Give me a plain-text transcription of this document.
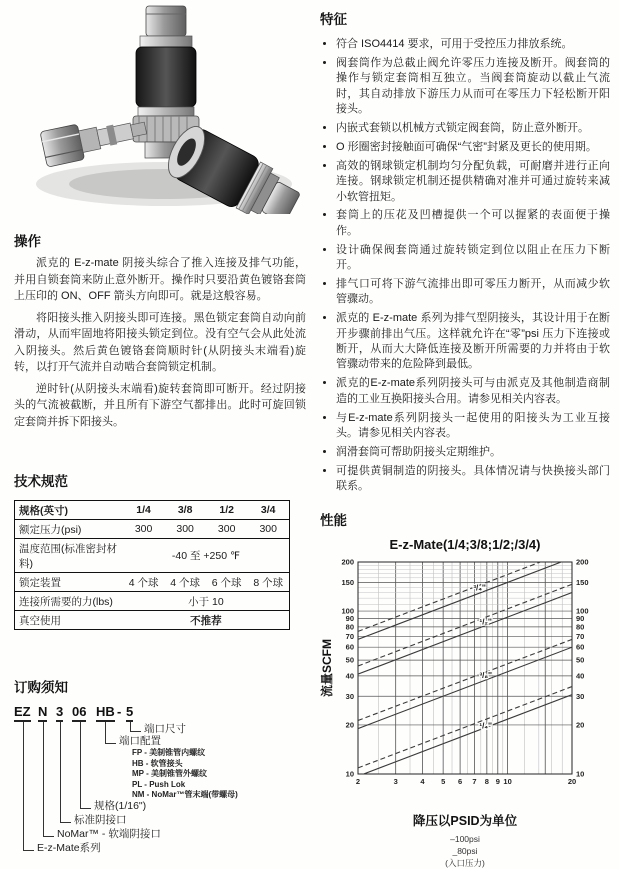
操作

派克的 E-z-mate 阴接头综合了推入连接及排气功能，并用自锁套筒来防止意外断开。操作时只要沿黄色镀铬套筒上压印的 ON、OFF 箭头方向即可。就是这般容易。

将阳接头推入阴接头即可连接。黑色锁定套筒自动向前滑动，从而牢固地将阳接头锁定到位。没有空气会从此处流入阴接头。然后黄色镀铬套筒顺时针(从阴接头末端看)旋转，以打开气流并自动啮合套筒锁定机制。

逆时针(从阴接头末端看)旋转套筒即可断开。经过阴接头的气流被截断，并且所有下游空气都排出。此时可旋回锁定套筒并拆下阳接头。

技术规范
规格(英寸)	1/4	3/8	1/2	3/4
额定压力(psi)	300	300	300	300
温度范围(标准密封材料)	-40 至 +250 ℉			
锁定装置	4 个球	4 个球	6 个球	8 个球
连接所需要的力(lbs)	小于 10			
真空使用	不推荐			
订购须知
EZ N 3 06 HB - 5
端口尺寸
端口配置
FP - 美制锥管内螺纹
HB - 软管接头
MP - 美制锥管外螺纹
PL - Push Lok
NM - NoMar™管末端(带螺母)
规格(1/16")
标准阴接口
NoMar™ - 软端阴接口
E-z-Mate系列
特征
• 符合 ISO4414 要求，可用于受控压力排放系统。
• 阀套筒作为总截止阀允许零压力连接及断开。阀套筒的操作与锁定套筒相互独立。当阀套筒旋动以截止气流时，其自动排放下游压力从而可在零压力下轻松断开阳接头。
• 内嵌式套锁以机械方式锁定阀套筒，防止意外断开。
• O 形圈密封接触面可确保“气密”封紧及更长的使用期。
• 高效的钢球锁定机制均匀分配负载，可耐磨并进行正向连接。钢球锁定机制还提供精确对准并可通过旋转来减小软管扭矩。
• 套筒上的压花及凹槽提供一个可以握紧的表面便于操作。
• 设计确保阀套筒通过旋转锁定到位以阻止在压力下断开。
• 排气口可将下游气流排出即可零压力断开，从而减少软管骤动。
• 派克的 E-z-mate 系列为排气型阴接头，其设计用于在断开步骤前排出气压。这样就允许在“零”psi 压力下连接或断开，从而大大降低连接及断开所需要的力并将由于软管骤动带来的危险降到最低。
• 派克的E-z-mate系列阴接头可与由派克及其他制造商制造的工业互换阳接头合用。请参见相关内容表。
• 与E-z-mate系列阴接头一起使用的阳接头为工业互接头。请参见相关内容表。
• 润滑套筒可帮助阴接头定期维护。
• 可提供黄铜制造的阴接头。具体情况请与快换接头部门联系。
性能
E-z-Mate(1/4;3/8;1/2;/3/4)
2	3	4 5 6 7 8 9 10	20
10	10
20	20
30	30
40	40
50	50
60	60
70	70
80	80
90	90
100	100
150	150
200	200
流量SCFM
³/₄''
¹/₂''
³/₈''
¹/₄''
降压以PSID为单位
–100psi
_80psi
(入口压力)
